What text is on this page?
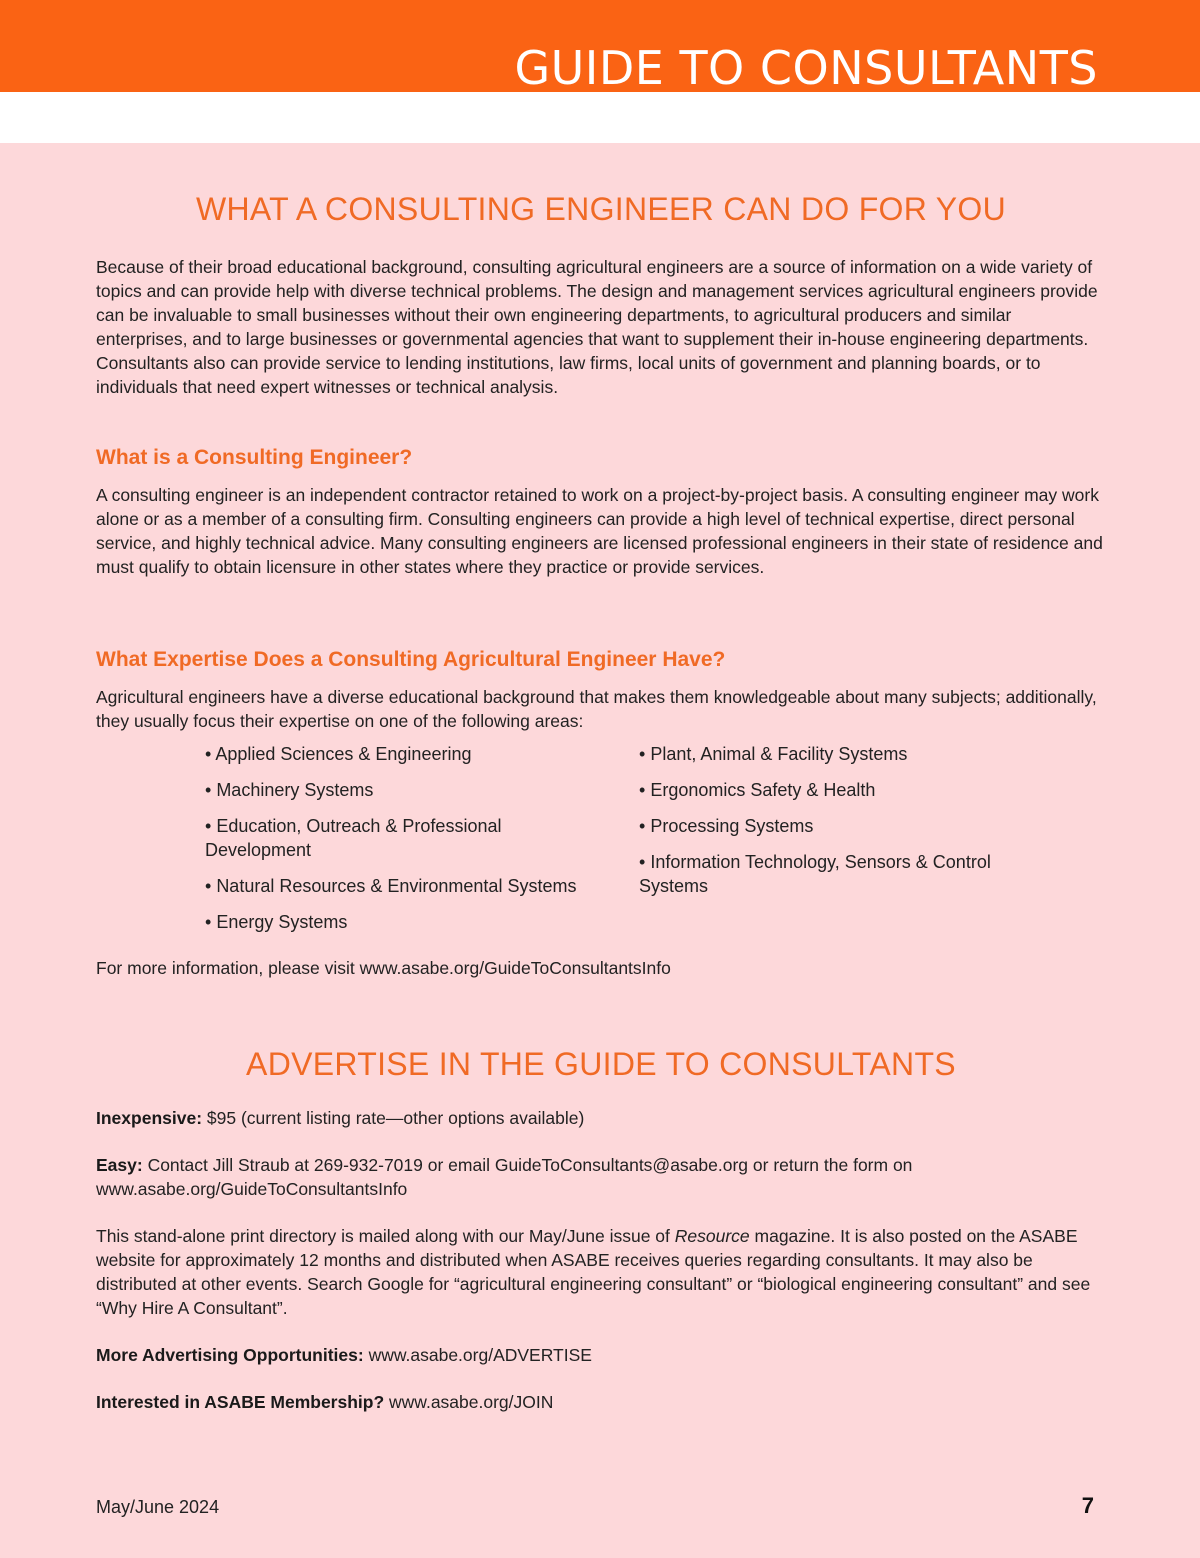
GUIDE TO CONSULTANTS
WHAT A CONSULTING ENGINEER CAN DO FOR YOU

Because of their broad educational background, consulting agricultural engineers are a source of information on a wide variety of topics and can provide help with diverse technical problems. The design and management services agricultural engineers provide can be invaluable to small businesses without their own engineering departments, to agricultural producers and similar enterprises, and to large businesses or governmental agencies that want to supplement their in-house engineering departments. Consultants also can provide service to lending institutions, law firms, local units of government and planning boards, or to individuals that need expert witnesses or technical analysis.

What is a Consulting Engineer?

A consulting engineer is an independent contractor retained to work on a project-by-project basis. A consulting engineer may work alone or as a member of a consulting firm. Consulting engineers can provide a high level of technical expertise, direct personal service, and highly technical advice. Many consulting engineers are licensed professional engineers in their state of residence and must qualify to obtain licensure in other states where they practice or provide services.

What Expertise Does a Consulting Agricultural Engineer Have?

Agricultural engineers have a diverse educational background that makes them knowledgeable about many subjects; additionally, they usually focus their expertise on one of the following areas:

• Applied Sciences & Engineering
• Machinery Systems
• Education, Outreach & Professional Development
• Natural Resources & Environmental Systems
• Energy Systems
• Plant, Animal & Facility Systems
• Ergonomics Safety & Health
• Processing Systems
• Information Technology, Sensors & Control Systems

For more information, please visit www.asabe.org/GuideToConsultantsInfo

ADVERTISE IN THE GUIDE TO CONSULTANTS

Inexpensive: $95 (current listing rate—other options available)

Easy: Contact Jill Straub at 269-932-7019 or email GuideToConsultants@asabe.org or return the form on www.asabe.org/GuideToConsultantsInfo

This stand-alone print directory is mailed along with our May/June issue of Resource magazine. It is also posted on the ASABE website for approximately 12 months and distributed when ASABE receives queries regarding consultants. It may also be distributed at other events. Search Google for “agricultural engineering consultant” or “biological engineering consultant” and see “Why Hire A Consultant”.

More Advertising Opportunities: www.asabe.org/ADVERTISE

Interested in ASABE Membership? www.asabe.org/JOIN

May/June 2024	7
